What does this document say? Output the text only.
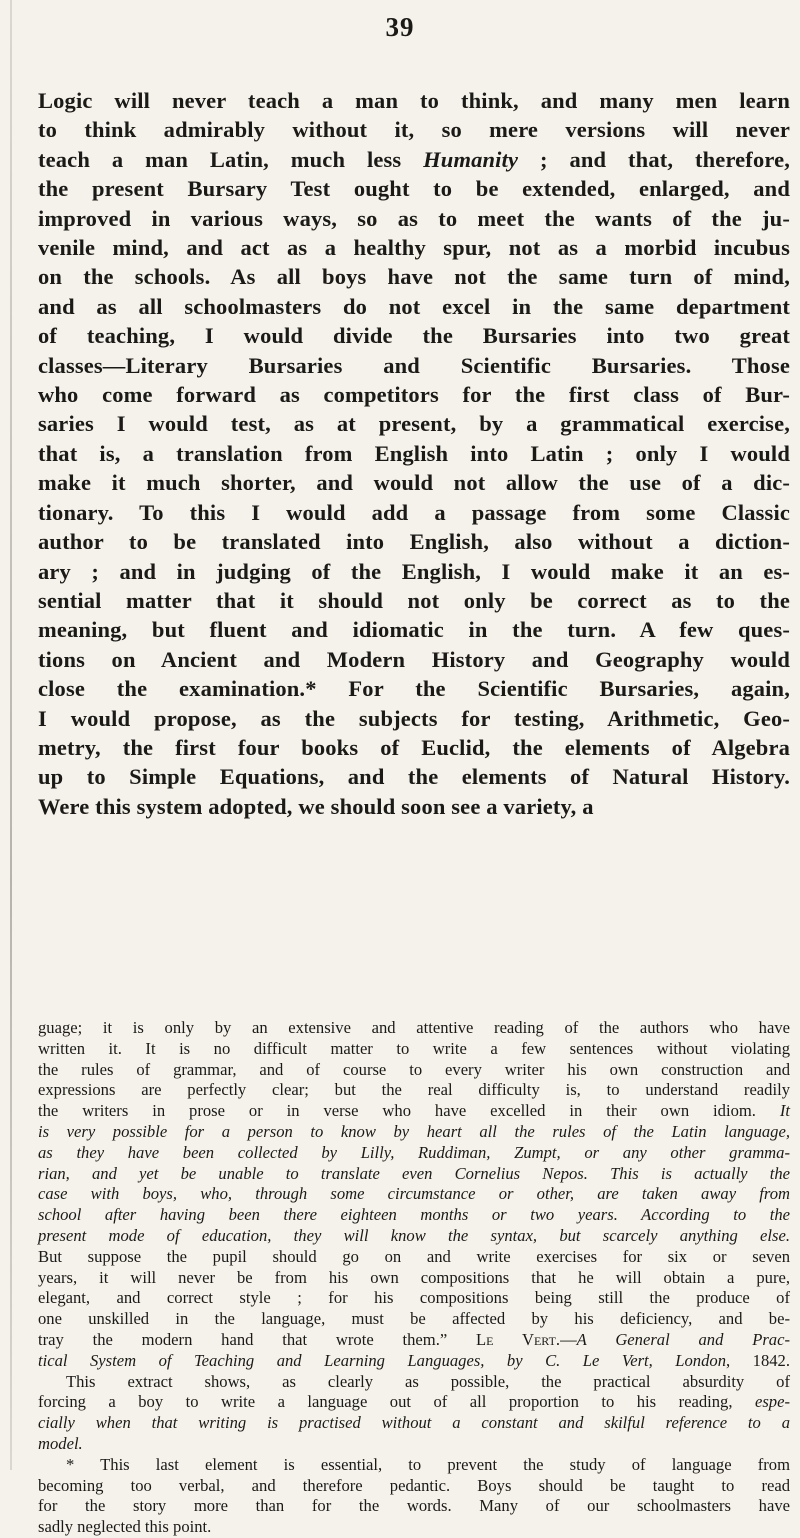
39
Logic will never teach a man to think, and many men learn
to think admirably without it, so mere versions will never
teach a man Latin, much less Humanity ; and that, therefore,
the present Bursary Test ought to be extended, enlarged, and
improved in various ways, so as to meet the wants of the ju-
venile mind, and act as a healthy spur, not as a morbid incubus
on the schools. As all boys have not the same turn of mind,
and as all schoolmasters do not excel in the same department
of teaching, I would divide the Bursaries into two great
classes—Literary Bursaries and Scientific Bursaries. Those
who come forward as competitors for the first class of Bur-
saries I would test, as at present, by a grammatical exercise,
that is, a translation from English into Latin ; only I would
make it much shorter, and would not allow the use of a dic-
tionary. To this I would add a passage from some Classic
author to be translated into English, also without a diction-
ary ; and in judging of the English, I would make it an es-
sential matter that it should not only be correct as to the
meaning, but fluent and idiomatic in the turn. A few ques-
tions on Ancient and Modern History and Geography would
close the examination.* For the Scientific Bursaries, again,
I would propose, as the subjects for testing, Arithmetic, Geo-
metry, the first four books of Euclid, the elements of Algebra
up to Simple Equations, and the elements of Natural History.
Were this system adopted, we should soon see a variety, a
guage; it is only by an extensive and attentive reading of the authors who have
written it. It is no difficult matter to write a few sentences without violating
the rules of grammar, and of course to every writer his own construction and
expressions are perfectly clear; but the real difficulty is, to understand readily
the writers in prose or in verse who have excelled in their own idiom. It
is very possible for a person to know by heart all the rules of the Latin language,
as they have been collected by Lilly, Ruddiman, Zumpt, or any other gramma-
rian, and yet be unable to translate even Cornelius Nepos. This is actually the
case with boys, who, through some circumstance or other, are taken away from
school after having been there eighteen months or two years. According to the
present mode of education, they will know the syntax, but scarcely anything else.
But suppose the pupil should go on and write exercises for six or seven
years, it will never be from his own compositions that he will obtain a pure,
elegant, and correct style ; for his compositions being still the produce of
one unskilled in the language, must be affected by his deficiency, and be-
tray the modern hand that wrote them.” Le Vert.—A General and Prac-
tical System of Teaching and Learning Languages, by C. Le Vert, London, 1842.
This extract shows, as clearly as possible, the practical absurdity of
forcing a boy to write a language out of all proportion to his reading, espe-
cially when that writing is practised without a constant and skilful reference to a
model.
* This last element is essential, to prevent the study of language from
becoming too verbal, and therefore pedantic. Boys should be taught to read
for the story more than for the words. Many of our schoolmasters have
sadly neglected this point.
